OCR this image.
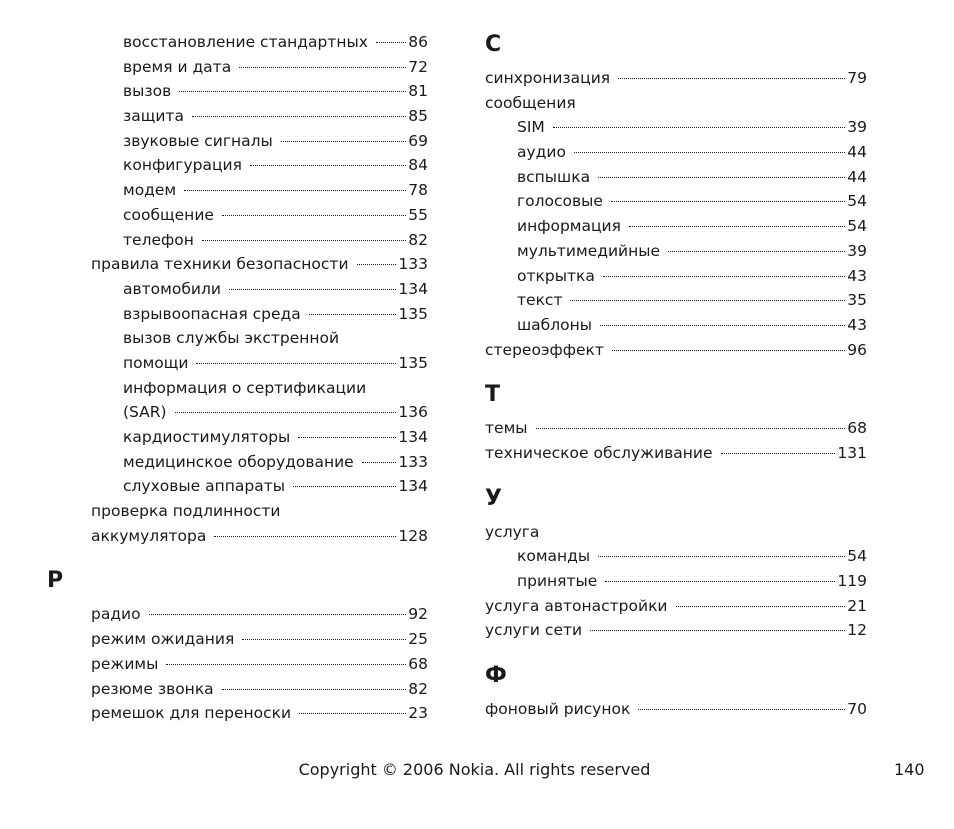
восстановление стандартных	86
время и дата	72
вызов	81
защита	85
звуковые сигналы	69
конфигурация	84
модем	78
сообщение	55
телефон	82
правила техники безопасности	133
автомобили	134
взрывоопасная среда	135
вызов службы экстренной
помощи	135
информация о сертификации
(SAR)	136
кардиостимуляторы	134
медицинское оборудование	133
слуховые аппараты	134
проверка подлинности
аккумулятора	128
Р
радио	92
режим ожидания	25
режимы	68
резюме звонка	82
ремешок для переноски	23
С
синхронизация	79
сообщения
SIM	39
аудио	44
вспышка	44
голосовые	54
информация	54
мультимедийные	39
открытка	43
текст	35
шаблоны	43
стереоэффект	96
Т
темы	68
техническое обслуживание	131
У
услуга
команды	54
принятые	119
услуга автонастройки	21
услуги сети	12
Ф
фоновый рисунок	70
Copyright © 2006 Nokia. All rights reserved	140
